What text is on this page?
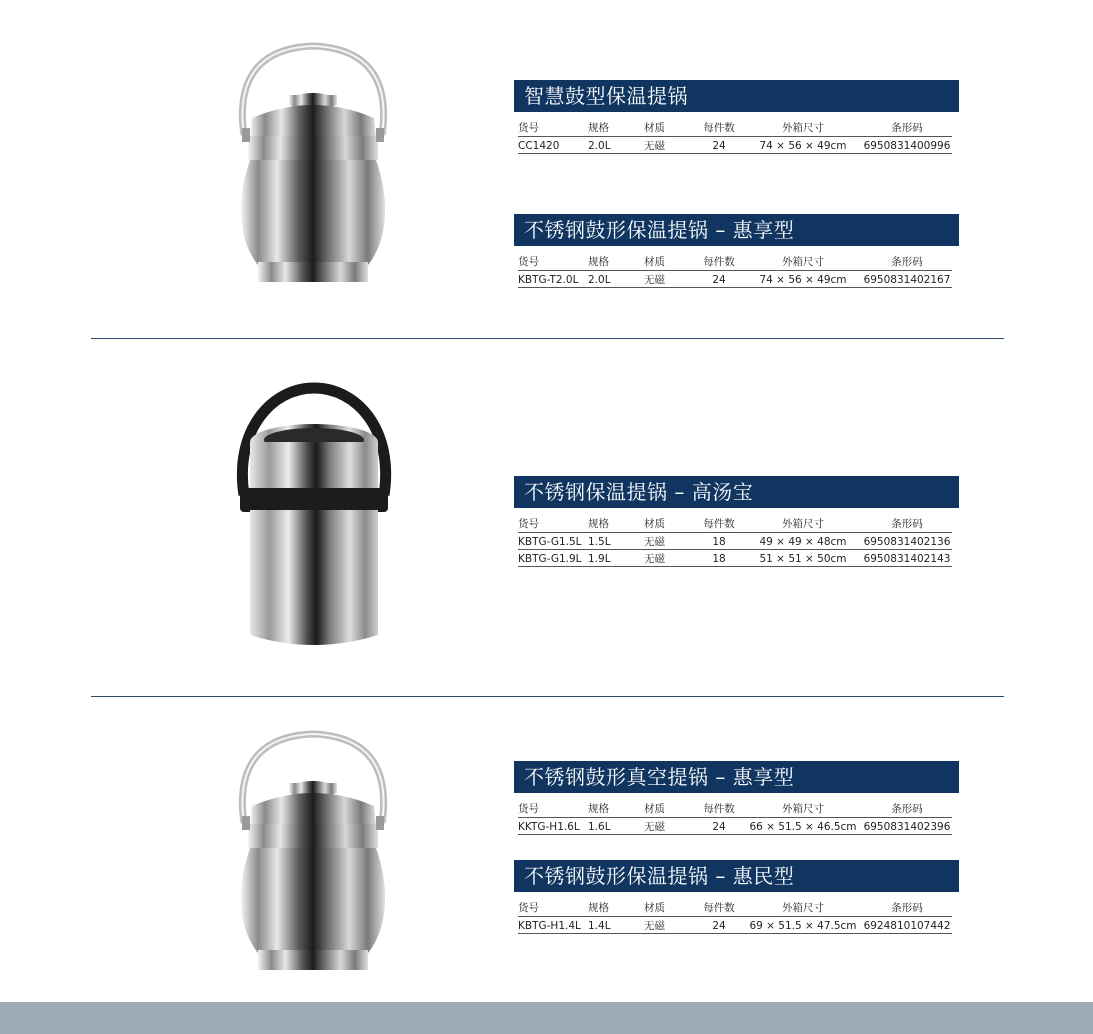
智慧鼓型保温提锅
货号	规格	材质	每件数	外箱尺寸	条形码
CC1420	2.0L	无磁	24	74 × 56 × 49cm	6950831400996
不锈钢鼓形保温提锅 – 惠享型
货号	规格	材质	每件数	外箱尺寸	条形码
KBTG-T2.0L	2.0L	无磁	24	74 × 56 × 49cm	6950831402167
不锈钢保温提锅 – 高汤宝
货号	规格	材质	每件数	外箱尺寸	条形码
KBTG-G1.5L	1.5L	无磁	18	49 × 49 × 48cm	6950831402136
KBTG-G1.9L	1.9L	无磁	18	51 × 51 × 50cm	6950831402143
不锈钢鼓形真空提锅 – 惠享型
货号	规格	材质	每件数	外箱尺寸	条形码
KKTG-H1.6L	1.6L	无磁	24	66 × 51.5 × 46.5cm	6950831402396
不锈钢鼓形保温提锅 – 惠民型
货号	规格	材质	每件数	外箱尺寸	条形码
KBTG-H1.4L	1.4L	无磁	24	69 × 51.5 × 47.5cm	6924810107442
